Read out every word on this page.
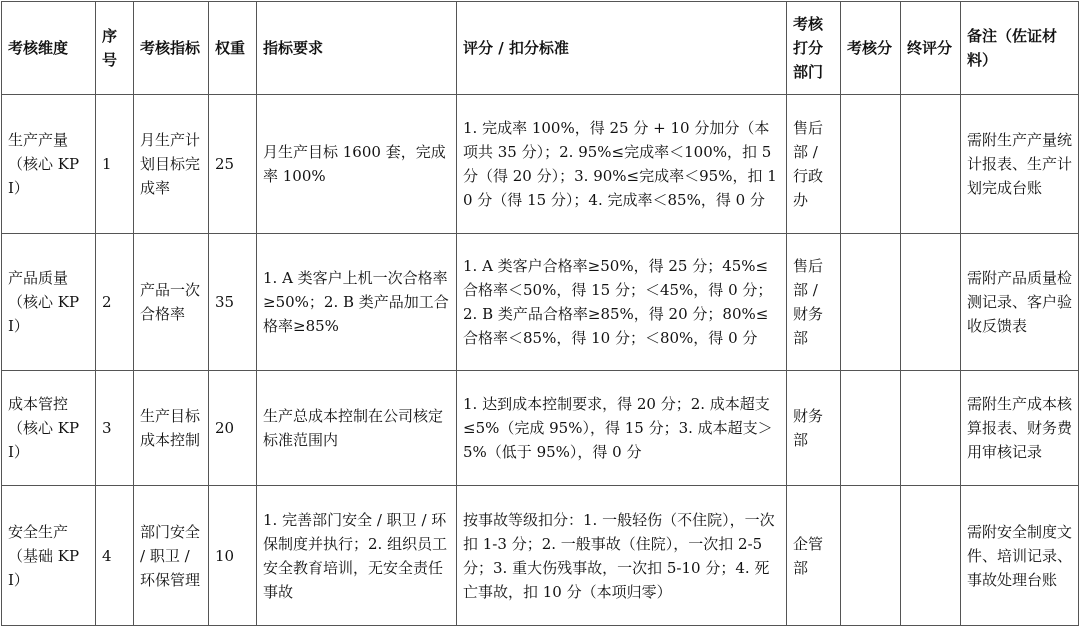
考核维度	序号	考核指标	权重	指标要求	评分 / 扣分标准	考核打分部门	考核分	终评分	备注（佐证材料）
生产产量（核心 KPI）	1	月生产计划目标完成率	25	月生产目标 1600 套，完成率 100%	1. 完成率 100%，得 25 分 + 10 分加分（本项共 35 分）；2. 95%≤完成率＜100%，扣 5 分（得 20 分）；3. 90%≤完成率＜95%，扣 10 分（得 15 分）；4. 完成率＜85%，得 0 分	售后部 / 行政办			需附生产产量统计报表、生产计划完成台账
产品质量（核心 KPI）	2	产品一次合格率	35	1. A 类客户上机一次合格率≥50%；2. B 类产品加工合格率≥85%	1. A 类客户合格率≥50%，得 25 分；45%≤合格率＜50%，得 15 分；＜45%，得 0 分；2. B 类产品合格率≥85%，得 20 分；80%≤合格率＜85%，得 10 分；＜80%，得 0 分	售后部 / 财务部			需附产品质量检测记录、客户验收反馈表
成本管控（核心 KPI）	3	生产目标成本控制	20	生产总成本控制在公司核定标准范围内	1. 达到成本控制要求，得 20 分；2. 成本超支≤5%（完成 95%），得 15 分；3. 成本超支＞5%（低于 95%），得 0 分	财务部			需附生产成本核算报表、财务费用审核记录
安全生产（基础 KPI）	4	部门安全 / 职卫 / 环保管理	10	1. 完善部门安全 / 职卫 / 环保制度并执行；2. 组织员工安全教育培训，无安全责任事故	按事故等级扣分：1. 一般轻伤（不住院），一次扣 1-3 分；2. 一般事故（住院），一次扣 2-5 分；3. 重大伤残事故，一次扣 5-10 分；4. 死亡事故，扣 10 分（本项归零）	企管部			需附安全制度文件、培训记录、事故处理台账
